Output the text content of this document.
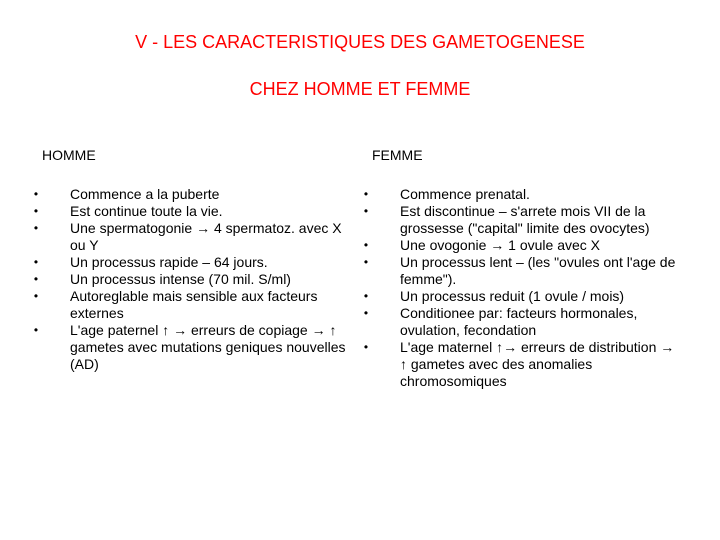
V - LES CARACTERISTIQUES DES GAMETOGENESE
CHEZ HOMME ET FEMME
HOMME	FEMME
• Commence a la puberte
• Est continue toute la vie.
• Une spermatogonie → 4 spermatoz. avec X ou Y
• Un processus rapide – 64 jours.
• Un processus intense (70 mil. S/ml)
• Autoreglable mais sensible aux facteurs externes
• L'age paternel ↑ → erreurs de copiage → ↑ gametes avec mutations geniques nouvelles (AD)
• Commence prenatal.
• Est discontinue – s'arrete mois VII de la grossesse ("capital" limite des ovocytes)
• Une ovogonie → 1 ovule avec X
• Un processus lent – (les "ovules ont l'age de femme").
• Un processus reduit (1 ovule / mois)
• Conditionee par: facteurs hormonales, ovulation, fecondation
• L'age maternel ↑→ erreurs de distribution → ↑ gametes avec des anomalies chromosomiques
